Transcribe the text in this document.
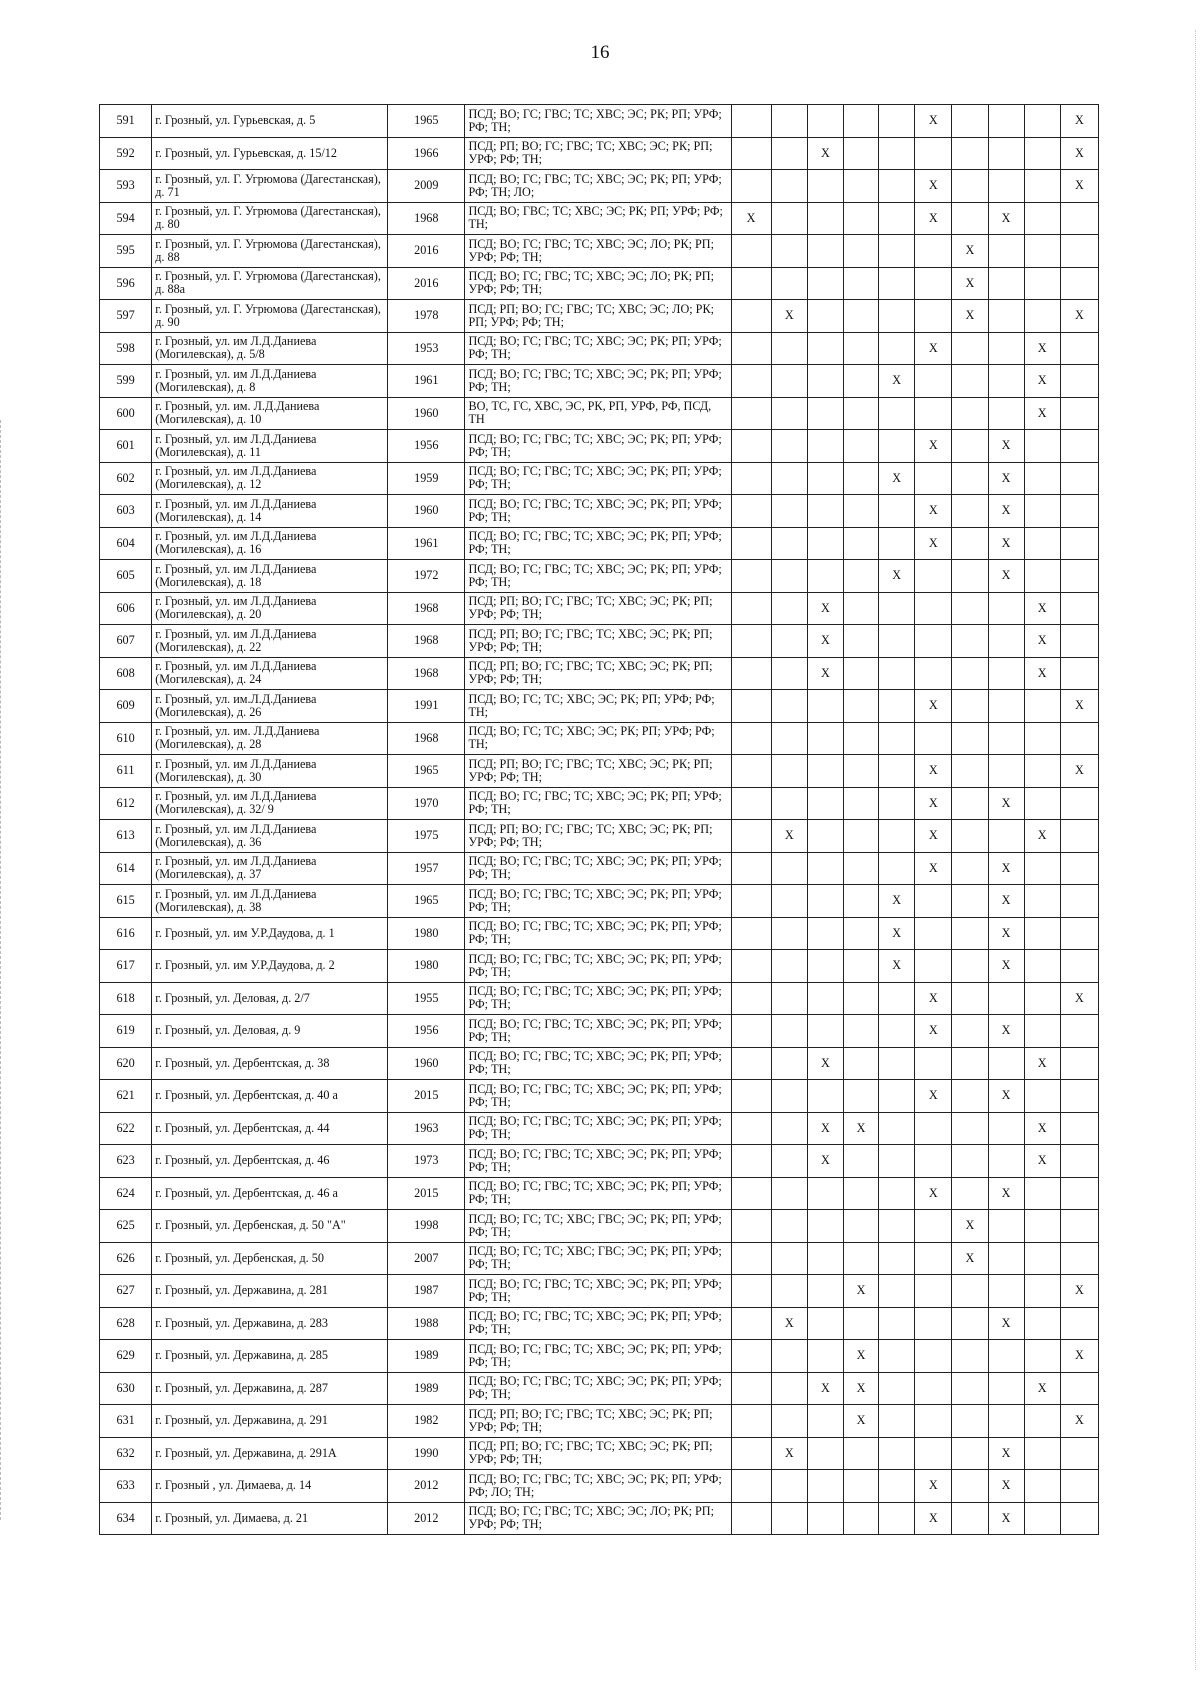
16
591	г. Грозный, ул. Гурьевская, д. 5	1965	ПСД; ВО; ГС; ГВС; ТС; ХВС; ЭС; РК; РП; УРФ; РФ; ТН;						X				X
592	г. Грозный, ул. Гурьевская, д. 15/12	1966	ПСД; РП; ВО; ГС; ГВС; ТС; ХВС; ЭС; РК; РП; УРФ; РФ; ТН;			X							X
593	г. Грозный, ул. Г. Угрюмова (Дагестанская), д. 71	2009	ПСД; ВО; ГС; ГВС; ТС; ХВС; ЭС; РК; РП; УРФ; РФ; ТН; ЛО;						X				X
594	г. Грозный, ул. Г. Угрюмова (Дагестанская), д. 80	1968	ПСД; ВО; ГВС; ТС; ХВС; ЭС; РК; РП; УРФ; РФ; ТН;	X					X		X		
595	г. Грозный, ул. Г. Угрюмова (Дагестанская), д. 88	2016	ПСД; ВО; ГС; ГВС; ТС; ХВС; ЭС; ЛО; РК; РП; УРФ; РФ; ТН;							X			
596	г. Грозный, ул. Г. Угрюмова (Дагестанская), д. 88а	2016	ПСД; ВО; ГС; ГВС; ТС; ХВС; ЭС; ЛО; РК; РП; УРФ; РФ; ТН;							X			
597	г. Грозный, ул. Г. Угрюмова (Дагестанская), д. 90	1978	ПСД; РП; ВО; ГС; ГВС; ТС; ХВС; ЭС; ЛО; РК; РП; УРФ; РФ; ТН;		X					X			X
598	г. Грозный, ул. им Л.Д.Даниева (Могилевская), д. 5/8	1953	ПСД; ВО; ГС; ГВС; ТС; ХВС; ЭС; РК; РП; УРФ; РФ; ТН;						X			X	
599	г. Грозный, ул. им Л.Д.Даниева (Могилевская), д. 8	1961	ПСД; ВО; ГС; ГВС; ТС; ХВС; ЭС; РК; РП; УРФ; РФ; ТН;					X				X	
600	г. Грозный, ул. им. Л.Д.Даниева (Могилевская), д. 10	1960	ВО, ТС, ГС, ХВС, ЭС, РК, РП, УРФ, РФ, ПСД, ТН									X	
601	г. Грозный, ул. им Л.Д.Даниева (Могилевская), д. 11	1956	ПСД; ВО; ГС; ГВС; ТС; ХВС; ЭС; РК; РП; УРФ; РФ; ТН;						X		X		
602	г. Грозный, ул. им Л.Д.Даниева (Могилевская), д. 12	1959	ПСД; ВО; ГС; ГВС; ТС; ХВС; ЭС; РК; РП; УРФ; РФ; ТН;					X			X		
603	г. Грозный, ул. им Л.Д.Даниева (Могилевская), д. 14	1960	ПСД; ВО; ГС; ГВС; ТС; ХВС; ЭС; РК; РП; УРФ; РФ; ТН;						X		X		
604	г. Грозный, ул. им Л.Д.Даниева (Могилевская), д. 16	1961	ПСД; ВО; ГС; ГВС; ТС; ХВС; ЭС; РК; РП; УРФ; РФ; ТН;						X		X		
605	г. Грозный, ул. им Л.Д.Даниева (Могилевская), д. 18	1972	ПСД; ВО; ГС; ГВС; ТС; ХВС; ЭС; РК; РП; УРФ; РФ; ТН;					X			X		
606	г. Грозный, ул. им Л.Д.Даниева (Могилевская), д. 20	1968	ПСД; РП; ВО; ГС; ГВС; ТС; ХВС; ЭС; РК; РП; УРФ; РФ; ТН;			X						X	
607	г. Грозный, ул. им Л.Д.Даниева (Могилевская), д. 22	1968	ПСД; РП; ВО; ГС; ГВС; ТС; ХВС; ЭС; РК; РП; УРФ; РФ; ТН;			X						X	
608	г. Грозный, ул. им Л.Д.Даниева (Могилевская), д. 24	1968	ПСД; РП; ВО; ГС; ГВС; ТС; ХВС; ЭС; РК; РП; УРФ; РФ; ТН;			X						X	
609	г. Грозный, ул. им.Л.Д.Даниева (Могилевская), д. 26	1991	ПСД; ВО; ГС; ТС; ХВС; ЭС; РК; РП; УРФ; РФ; ТН;						X				X
610	г. Грозный, ул. им. Л.Д.Даниева (Могилевская), д. 28	1968	ПСД; ВО; ГС; ТС; ХВС; ЭС; РК; РП; УРФ; РФ; ТН;										
611	г. Грозный, ул. им Л.Д.Даниева (Могилевская), д. 30	1965	ПСД; РП; ВО; ГС; ГВС; ТС; ХВС; ЭС; РК; РП; УРФ; РФ; ТН;						X				X
612	г. Грозный, ул. им Л.Д.Даниева (Могилевская), д. 32/ 9	1970	ПСД; ВО; ГС; ГВС; ТС; ХВС; ЭС; РК; РП; УРФ; РФ; ТН;						X		X		
613	г. Грозный, ул. им Л.Д.Даниева (Могилевская), д. 36	1975	ПСД; РП; ВО; ГС; ГВС; ТС; ХВС; ЭС; РК; РП; УРФ; РФ; ТН;		X				X			X	
614	г. Грозный, ул. им Л.Д.Даниева (Могилевская), д. 37	1957	ПСД; ВО; ГС; ГВС; ТС; ХВС; ЭС; РК; РП; УРФ; РФ; ТН;						X		X		
615	г. Грозный, ул. им Л.Д.Даниева (Могилевская), д. 38	1965	ПСД; ВО; ГС; ГВС; ТС; ХВС; ЭС; РК; РП; УРФ; РФ; ТН;					X			X		
616	г. Грозный, ул. им У.Р.Даудова, д. 1	1980	ПСД; ВО; ГС; ГВС; ТС; ХВС; ЭС; РК; РП; УРФ; РФ; ТН;					X			X		
617	г. Грозный, ул. им У.Р.Даудова, д. 2	1980	ПСД; ВО; ГС; ГВС; ТС; ХВС; ЭС; РК; РП; УРФ; РФ; ТН;					X			X		
618	г. Грозный, ул. Деловая, д. 2/7	1955	ПСД; ВО; ГС; ГВС; ТС; ХВС; ЭС; РК; РП; УРФ; РФ; ТН;						X				X
619	г. Грозный, ул. Деловая, д. 9	1956	ПСД; ВО; ГС; ГВС; ТС; ХВС; ЭС; РК; РП; УРФ; РФ; ТН;						X		X		
620	г. Грозный, ул. Дербентская, д. 38	1960	ПСД; ВО; ГС; ГВС; ТС; ХВС; ЭС; РК; РП; УРФ; РФ; ТН;			X						X	
621	г. Грозный, ул. Дербентская, д. 40 а	2015	ПСД; ВО; ГС; ГВС; ТС; ХВС; ЭС; РК; РП; УРФ; РФ; ТН;						X		X		
622	г. Грозный, ул. Дербентская, д. 44	1963	ПСД; ВО; ГС; ГВС; ТС; ХВС; ЭС; РК; РП; УРФ; РФ; ТН;			X	X					X	
623	г. Грозный, ул. Дербентская, д. 46	1973	ПСД; ВО; ГС; ГВС; ТС; ХВС; ЭС; РК; РП; УРФ; РФ; ТН;			X						X	
624	г. Грозный, ул. Дербентская, д. 46 а	2015	ПСД; ВО; ГС; ГВС; ТС; ХВС; ЭС; РК; РП; УРФ; РФ; ТН;						X		X		
625	г. Грозный, ул. Дербенская, д. 50 "А"	1998	ПСД; ВО; ГС; ТС; ХВС; ГВС; ЭС; РК; РП; УРФ; РФ; ТН;							X			
626	г. Грозный, ул. Дербенская, д. 50	2007	ПСД; ВО; ГС; ТС; ХВС; ГВС; ЭС; РК; РП; УРФ; РФ; ТН;							X			
627	г. Грозный, ул. Державина, д. 281	1987	ПСД; ВО; ГС; ГВС; ТС; ХВС; ЭС; РК; РП; УРФ; РФ; ТН;				X						X
628	г. Грозный, ул. Державина, д. 283	1988	ПСД; ВО; ГС; ГВС; ТС; ХВС; ЭС; РК; РП; УРФ; РФ; ТН;		X						X		
629	г. Грозный, ул. Державина, д. 285	1989	ПСД; ВО; ГС; ГВС; ТС; ХВС; ЭС; РК; РП; УРФ; РФ; ТН;				X						X
630	г. Грозный, ул. Державина, д. 287	1989	ПСД; ВО; ГС; ГВС; ТС; ХВС; ЭС; РК; РП; УРФ; РФ; ТН;			X	X					X	
631	г. Грозный, ул. Державина, д. 291	1982	ПСД; РП; ВО; ГС; ГВС; ТС; ХВС; ЭС; РК; РП; УРФ; РФ; ТН;				X						X
632	г. Грозный, ул. Державина, д. 291А	1990	ПСД; РП; ВО; ГС; ГВС; ТС; ХВС; ЭС; РК; РП; УРФ; РФ; ТН;		X						X		
633	г. Грозный , ул. Димаева, д. 14	2012	ПСД; ВО; ГС; ГВС; ТС; ХВС; ЭС; РК; РП; УРФ; РФ; ЛО; ТН;						X		X		
634	г. Грозный, ул. Димаева, д. 21	2012	ПСД; ВО; ГС; ГВС; ТС; ХВС; ЭС; ЛО; РК; РП; УРФ; РФ; ТН;						X		X		
